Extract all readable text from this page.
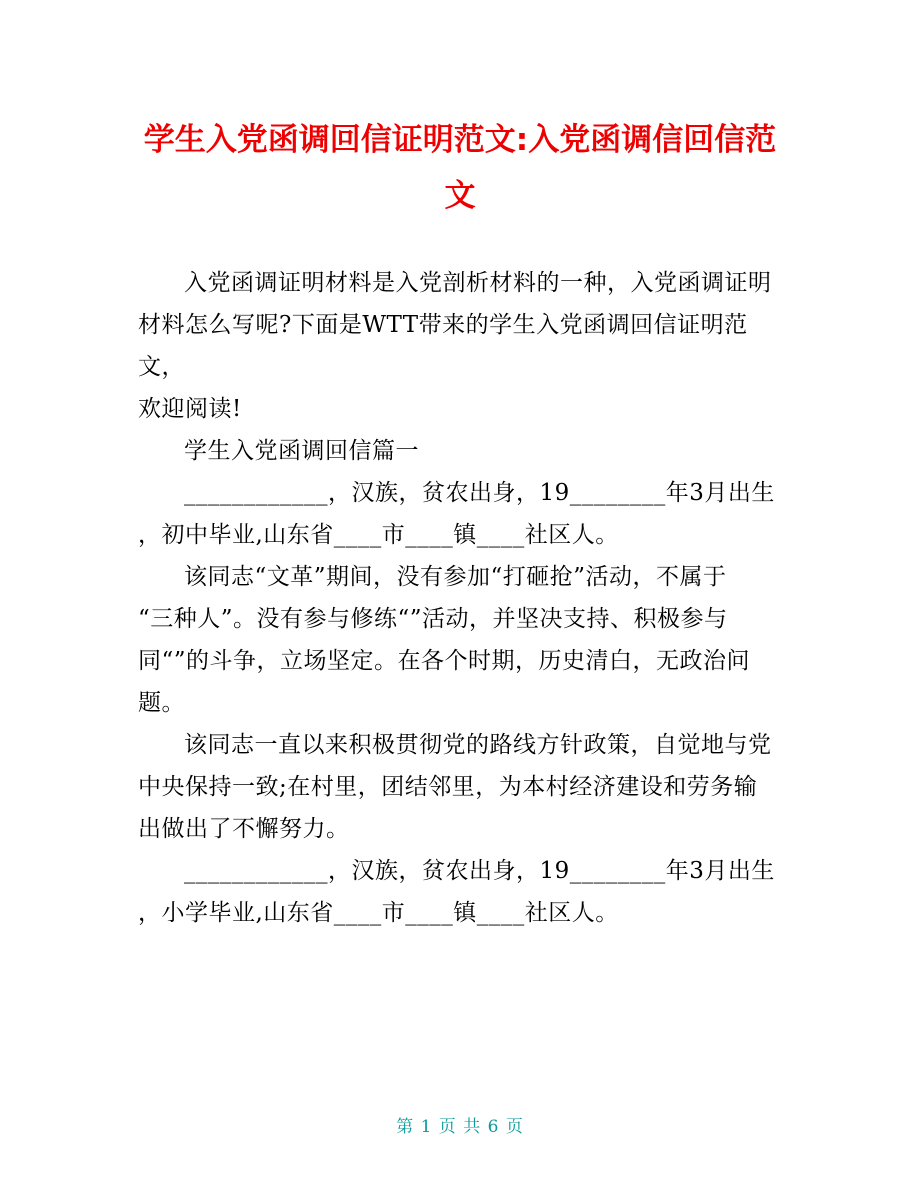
学生入党函调回信证明范文:入党函调信回信范
文
入党函调证明材料是入党剖析材料的一种，入党函调证明
材料怎么写呢?下面是WTT带来的学生入党函调回信证明范文，
欢迎阅读!
学生入党函调回信篇一
____________，汉族，贫农出身，19________年3月出生
，初中毕业,山东省____市____镇____社区人。
该同志“文革”期间，没有参加“打砸抢”活动，不属于
“三种人”。没有参与修练“”活动，并坚决支持、积极参与
同“”的斗争，立场坚定。在各个时期，历史清白，无政治问
题。
该同志一直以来积极贯彻党的路线方针政策，自觉地与党
中央保持一致;在村里，团结邻里，为本村经济建设和劳务输
出做出了不懈努力。
____________，汉族，贫农出身，19________年3月出生
，小学毕业,山东省____市____镇____社区人。
第 1 页 共 6 页
